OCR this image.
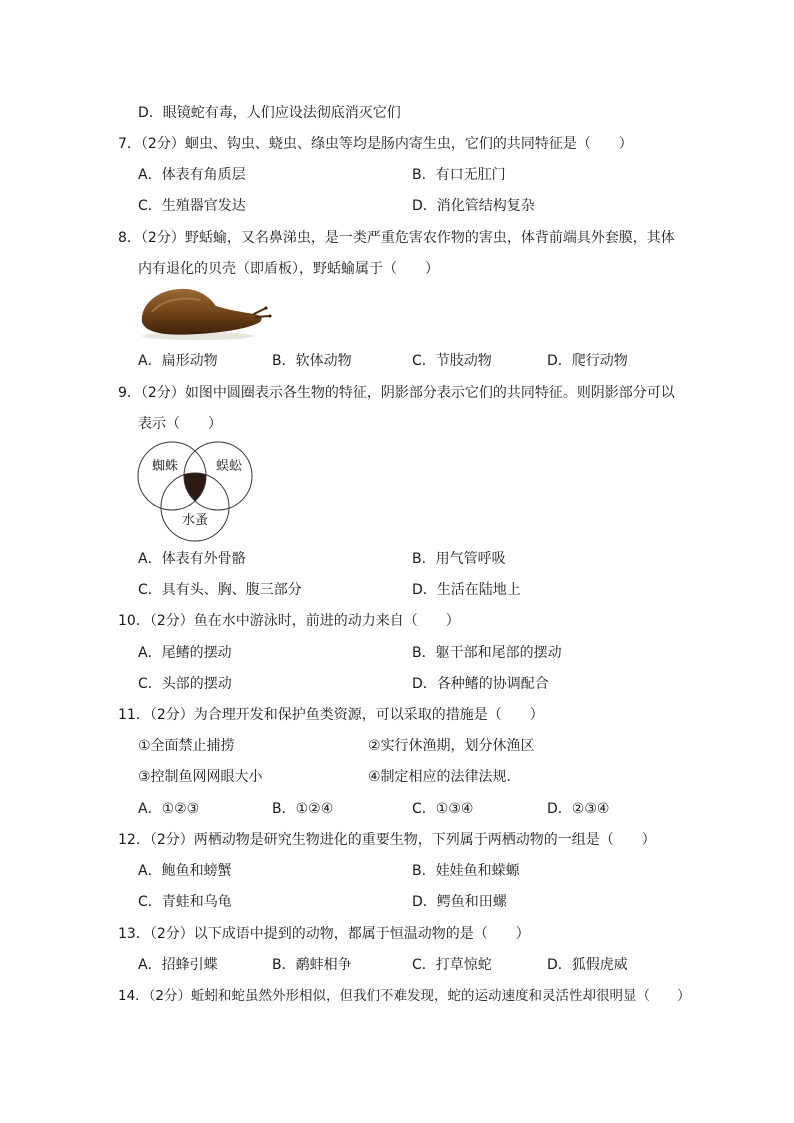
D．眼镜蛇有毒，人们应设法彻底消灭它们
7．（2分）蛔虫、钩虫、蛲虫、绦虫等均是肠内寄生虫，它们的共同特征是（　　）
A．体表有角质层	B．有口无肛门
C．生殖器官发达	D．消化管结构复杂
8．（2分）野蛞蝓，又名鼻涕虫，是一类严重危害农作物的害虫，体背前端具外套膜，其体
内有退化的贝壳（即盾板），野蛞蝓属于（　　）
A．扁形动物	B．软体动物	C．节肢动物	D．爬行动物
9．（2分）如图中圆圈表示各生物的特征，阴影部分表示它们的共同特征。则阴影部分可以
表示（　　）
蜘蛛	蜈蚣
水蚤
A．体表有外骨骼	B．用气管呼吸
C．具有头、胸、腹三部分	D．生活在陆地上
10．（2分）鱼在水中游泳时，前进的动力来自（　　）
A．尾鳍的摆动	B．躯干部和尾部的摆动
C．头部的摆动	D．各种鳍的协调配合
11．（2分）为合理开发和保护鱼类资源，可以采取的措施是（　　）
①全面禁止捕捞	②实行休渔期，划分休渔区
③控制鱼网网眼大小	④制定相应的法律法规．
A．①②③	B．①②④	C．①③④	D．②③④
12．（2分）两栖动物是研究生物进化的重要生物，下列属于两栖动物的一组是（　　）
A．鲍鱼和螃蟹	B．娃娃鱼和蝾螈
C．青蛙和乌龟	D．鳄鱼和田螺
13．（2分）以下成语中提到的动物，都属于恒温动物的是（　　）
A．招蜂引蝶	B．鹬蚌相争	C．打草惊蛇	D．狐假虎威
14．（2分）蚯蚓和蛇虽然外形相似，但我们不难发现，蛇的运动速度和灵活性却很明显（　　）
